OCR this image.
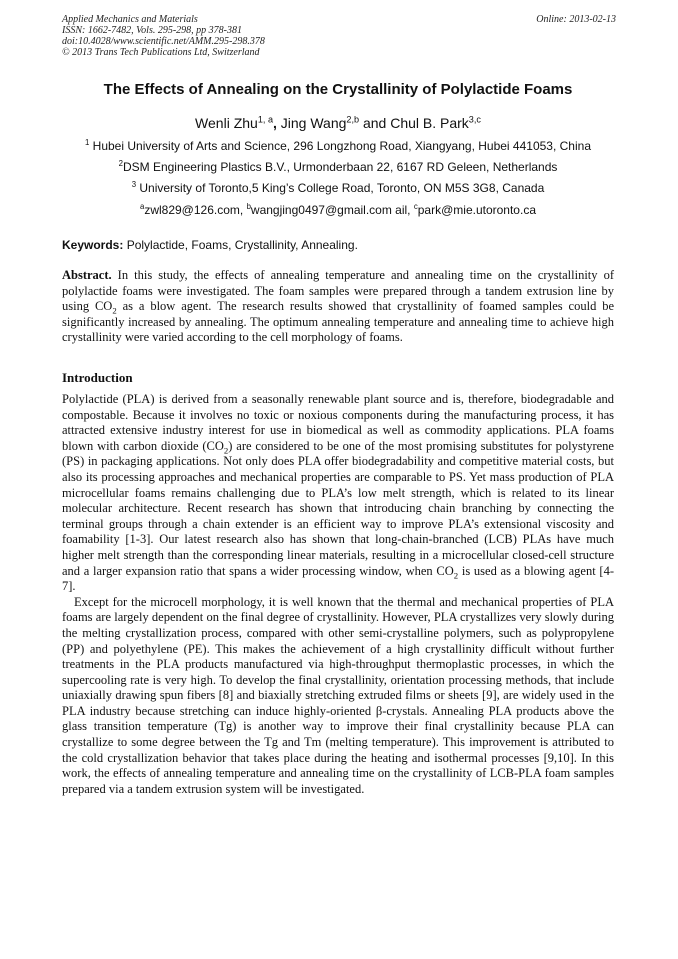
Applied Mechanics and Materials
ISSN: 1662-7482, Vols. 295-298, pp 378-381
doi:10.4028/www.scientific.net/AMM.295-298.378
© 2013 Trans Tech Publications Ltd, Switzerland
Online: 2013-02-13
The Effects of Annealing on the Crystallinity of Polylactide Foams
Wenli Zhu$^{1, a}$, Jing Wang$^{2,b}$ and Chul B. Park$^{3,c}$
$^1$ Hubei University of Arts and Science, 296 Longzhong Road, Xiangyang, Hubei 441053, China
$^2$DSM Engineering Plastics B.V., Urmonderbaan 22, 6167 RD Geleen, Netherlands
$^3$ University of Toronto,5 King’s College Road, Toronto, ON M5S 3G8, Canada
$^a$zwl829@126.com, $^b$wangjing0497@gmail.com ail, $^c$park@mie.utoronto.ca
Keywords: Polylactide, Foams, Crystallinity, Annealing.

Abstract. In this study, the effects of annealing temperature and annealing time on the crystallinity of polylactide foams were investigated. The foam samples were prepared through a tandem extrusion line by using $CO_2$ as a blow agent. The research results showed that crystallinity of foamed samples could be significantly increased by annealing. The optimum annealing temperature and annealing time to achieve high crystallinity were varied according to the cell morphology of foams.

Introduction

Polylactide (PLA) is derived from a seasonally renewable plant source and is, therefore, biodegradable and compostable. Because it involves no toxic or noxious components during the manufacturing process, it has attracted extensive industry interest for use in biomedical as well as commodity applications. PLA foams blown with carbon dioxide $(CO_2)$ are considered to be one of the most promising substitutes for polystyrene (PS) in packaging applications. Not only does PLA offer biodegradability and competitive material costs, but also its processing approaches and mechanical properties are comparable to PS. Yet mass production of PLA microcellular foams remains challenging due to PLA’s low melt strength, which is related to its linear molecular architecture. Recent research has shown that introducing chain branching by connecting the terminal groups through a chain extender is an efficient way to improve PLA’s extensional viscosity and foamability [1-3]. Our latest research also has shown that long-chain-branched (LCB) PLAs have much higher melt strength than the corresponding linear materials, resulting in a microcellular closed-cell structure and a larger expansion ratio that spans a wider processing window, when $CO_2$ is used as a blowing agent [4-7].

Except for the microcell morphology, it is well known that the thermal and mechanical properties of PLA foams are largely dependent on the final degree of crystallinity. However, PLA crystallizes very slowly during the melting crystallization process, compared with other semi-crystalline polymers, such as polypropylene (PP) and polyethylene (PE). This makes the achievement of a high crystallinity difficult without further treatments in the PLA products manufactured via high-throughput thermoplastic processes, in which the supercooling rate is very high. To develop the final crystallinity, orientation processing methods, that include uniaxially drawing spun fibers [8] and biaxially stretching extruded films or sheets [9], are widely used in the PLA industry because stretching can induce highly-oriented β-crystals. Annealing PLA products above the glass transition temperature (Tg) is another way to improve their final crystallinity because PLA can crystallize to some degree between the Tg and Tm (melting temperature). This improvement is attributed to the cold crystallization behavior that takes place during the heating and isothermal processes [9,10]. In this work, the effects of annealing temperature and annealing time on the crystallinity of LCB-PLA foam samples prepared via a tandem extrusion system will be investigated.
